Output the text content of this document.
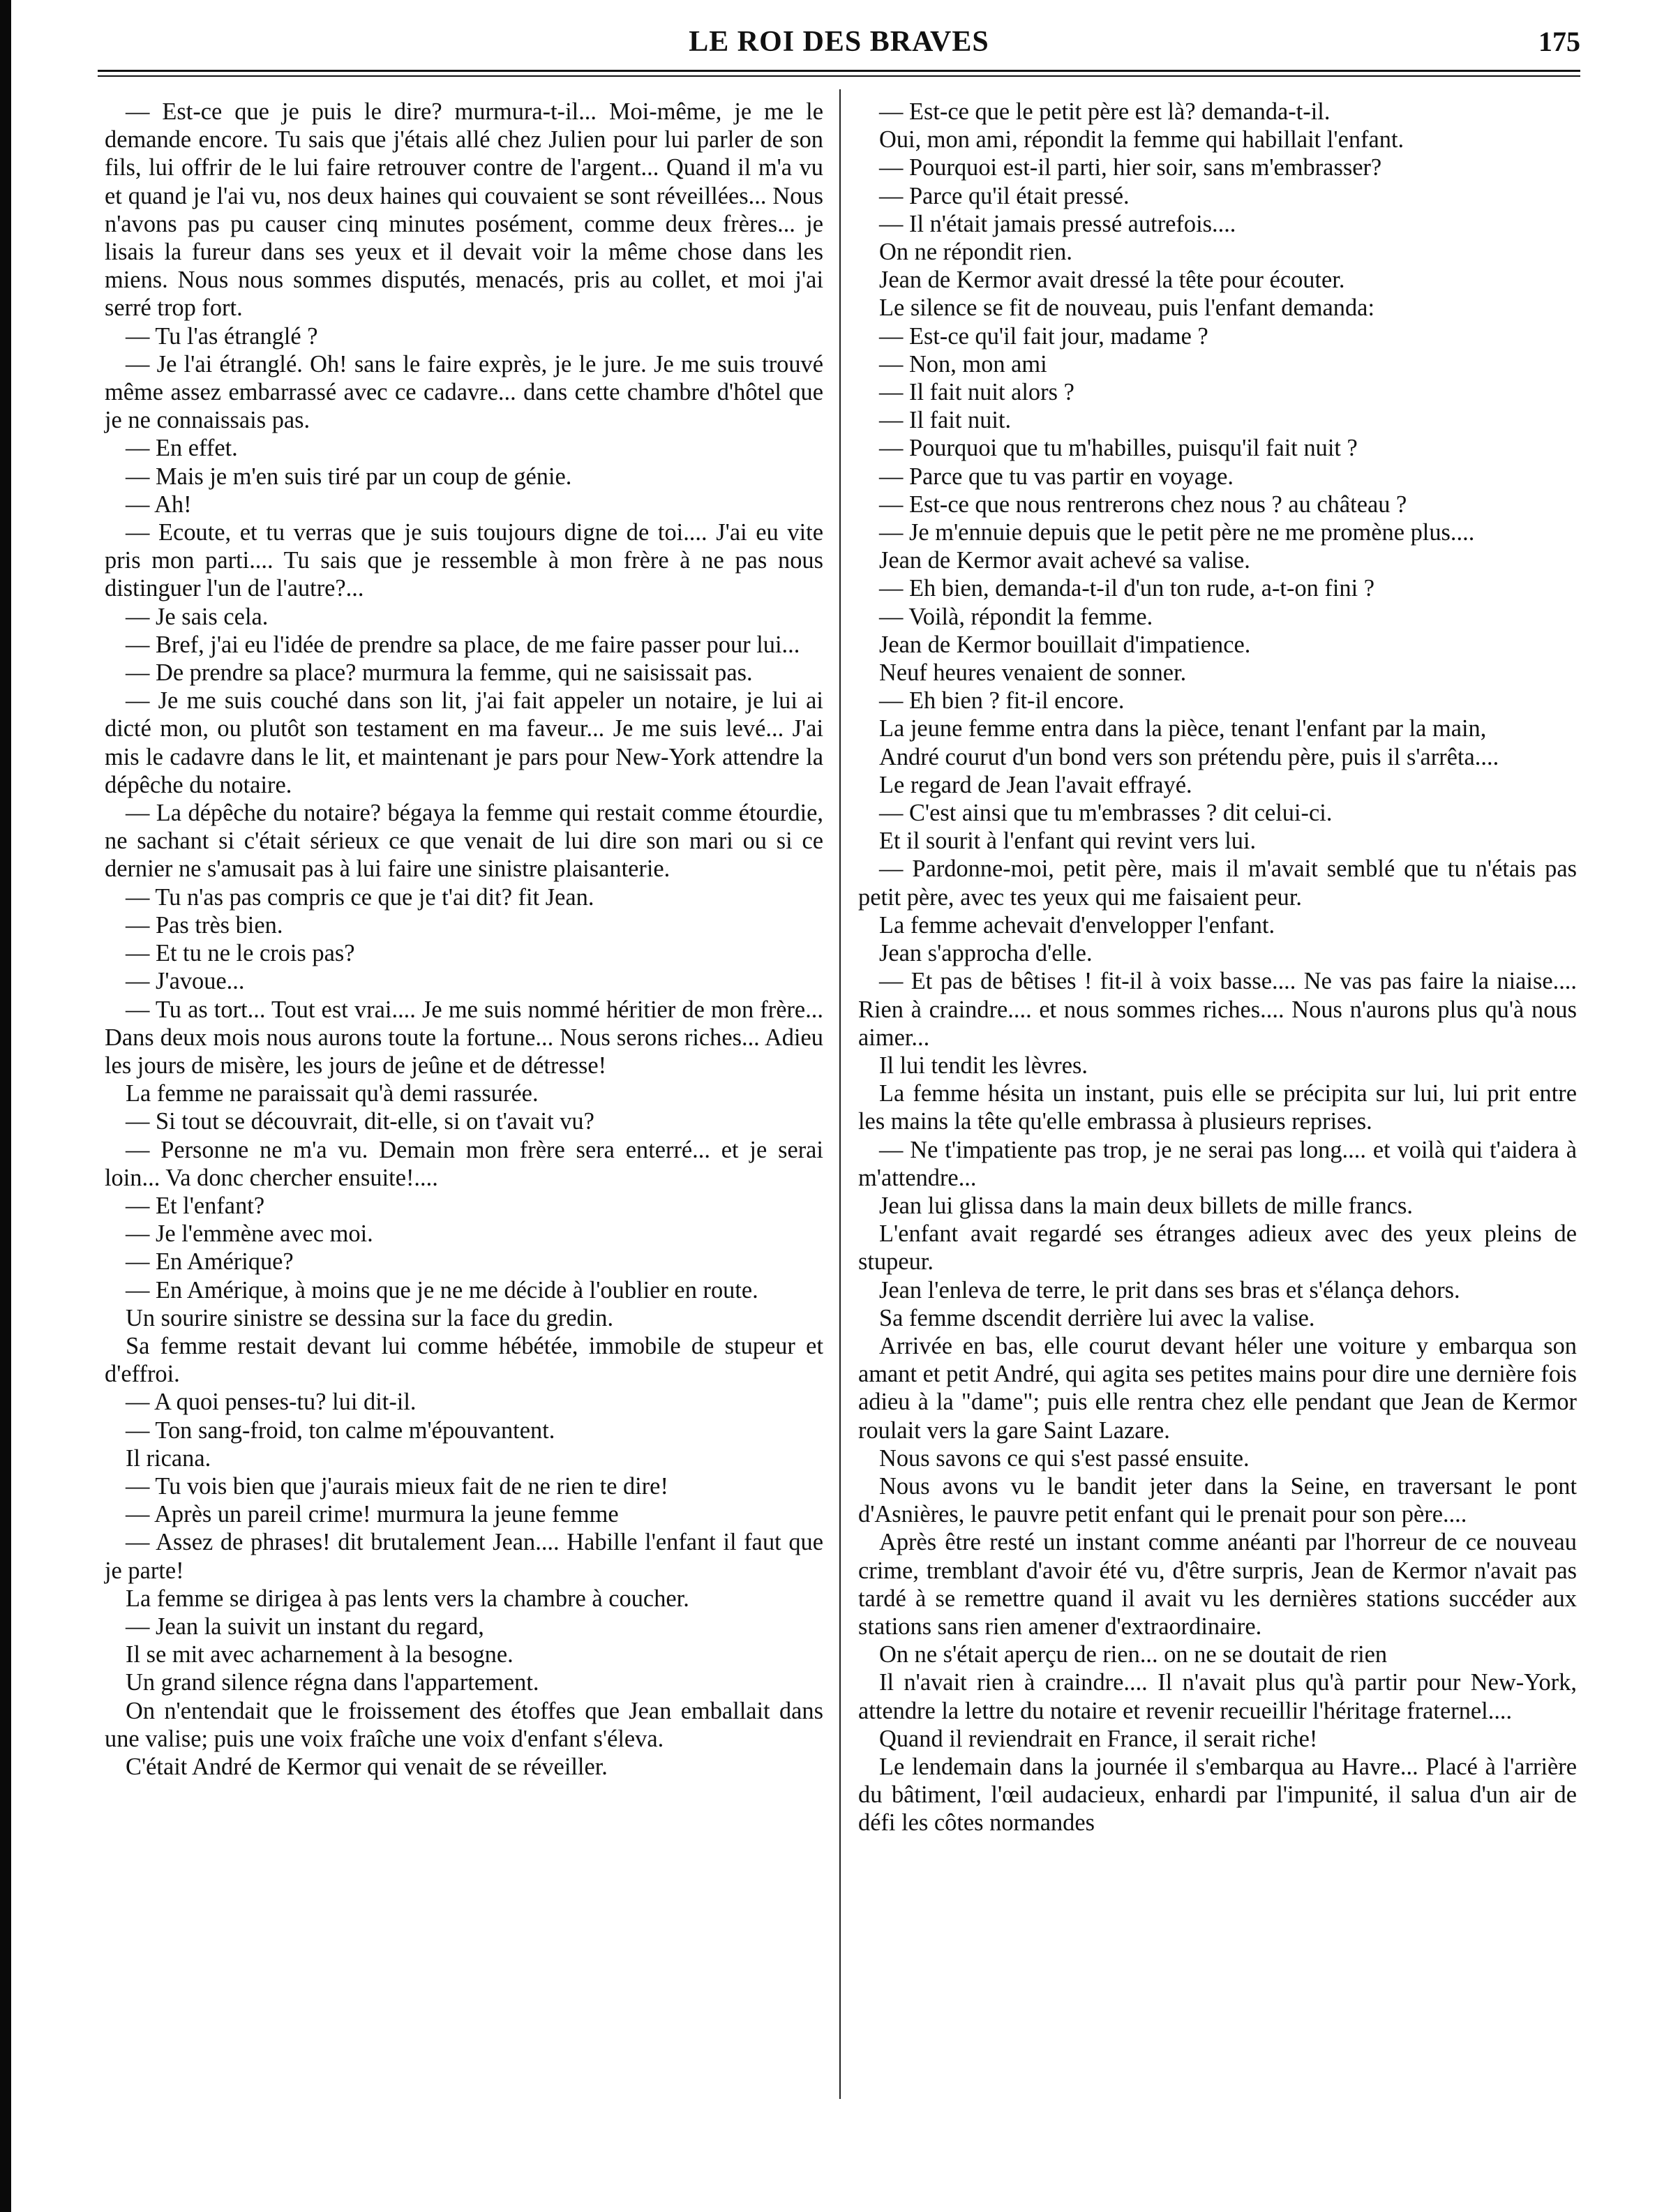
LE ROI DES BRAVES	175

— Est-ce que je puis le dire? murmura-t-il... Moi-même, je me le demande encore. Tu sais que j'étais allé chez Julien pour lui parler de son fils, lui offrir de le lui faire retrouver contre de l'argent... Quand il m'a vu et quand je l'ai vu, nos deux haines qui couvaient se sont réveillées... Nous n'avons pas pu causer cinq minutes posément, comme deux frères... je lisais la fureur dans ses yeux et il devait voir la même chose dans les miens. Nous nous sommes disputés, menacés, pris au collet, et moi j'ai serré trop fort.

— Tu l'as étranglé ?

— Je l'ai étranglé. Oh! sans le faire exprès, je le jure. Je me suis trouvé même assez embarrassé avec ce cadavre... dans cette chambre d'hôtel que je ne connaissais pas.

— En effet.

— Mais je m'en suis tiré par un coup de génie.

— Ah!

— Ecoute, et tu verras que je suis toujours digne de toi.... J'ai eu vite pris mon parti.... Tu sais que je ressemble à mon frère à ne pas nous distinguer l'un de l'autre?...

— Je sais cela.

— Bref, j'ai eu l'idée de prendre sa place, de me faire passer pour lui...

— De prendre sa place? murmura la femme, qui ne saisissait pas.

— Je me suis couché dans son lit, j'ai fait appeler un notaire, je lui ai dicté mon, ou plutôt son testament en ma faveur... Je me suis levé... J'ai mis le cadavre dans le lit, et maintenant je pars pour New-York attendre la dépêche du notaire.

— La dépêche du notaire? bégaya la femme qui restait comme étourdie, ne sachant si c'était sérieux ce que venait de lui dire son mari ou si ce dernier ne s'amusait pas à lui faire une sinistre plaisanterie.

— Tu n'as pas compris ce que je t'ai dit? fit Jean.

— Pas très bien.

— Et tu ne le crois pas?

— J'avoue...

— Tu as tort... Tout est vrai.... Je me suis nommé héritier de mon frère... Dans deux mois nous aurons toute la fortune... Nous serons riches... Adieu les jours de misère, les jours de jeûne et de détresse!

La femme ne paraissait qu'à demi rassurée.

— Si tout se découvrait, dit-elle, si on t'avait vu?

— Personne ne m'a vu. Demain mon frère sera enterré... et je serai loin... Va donc chercher ensuite!....

— Et l'enfant?

— Je l'emmène avec moi.

— En Amérique?

— En Amérique, à moins que je ne me décide à l'oublier en route.

Un sourire sinistre se dessina sur la face du gredin.

Sa femme restait devant lui comme hébétée, immobile de stupeur et d'effroi.

— A quoi penses-tu? lui dit-il.

— Ton sang-froid, ton calme m'épouvantent.

Il ricana.

— Tu vois bien que j'aurais mieux fait de ne rien te dire!

— Après un pareil crime! murmura la jeune femme

— Assez de phrases! dit brutalement Jean.... Habille l'enfant il faut que je parte!

La femme se dirigea à pas lents vers la chambre à coucher.

— Jean la suivit un instant du regard,

Il se mit avec acharnement à la besogne.

Un grand silence régna dans l'appartement.

On n'entendait que le froissement des étoffes que Jean emballait dans une valise; puis une voix fraîche une voix d'enfant s'éleva.

C'était André de Kermor qui venait de se réveiller.

— Est-ce que le petit père est là? demanda-t-il.

Oui, mon ami, répondit la femme qui habillait l'enfant.

— Pourquoi est-il parti, hier soir, sans m'embrasser?

— Parce qu'il était pressé.

— Il n'était jamais pressé autrefois....

On ne répondit rien.

Jean de Kermor avait dressé la tête pour écouter.

Le silence se fit de nouveau, puis l'enfant demanda:

— Est-ce qu'il fait jour, madame ?

— Non, mon ami

— Il fait nuit alors ?

— Il fait nuit.

— Pourquoi que tu m'habilles, puisqu'il fait nuit ?

— Parce que tu vas partir en voyage.

— Est-ce que nous rentrerons chez nous ? au château ?

— Je m'ennuie depuis que le petit père ne me promène plus....

Jean de Kermor avait achevé sa valise.

— Eh bien, demanda-t-il d'un ton rude, a-t-on fini ?

— Voilà, répondit la femme.

Jean de Kermor bouillait d'impatience.

Neuf heures venaient de sonner.

— Eh bien ? fit-il encore.

La jeune femme entra dans la pièce, tenant l'enfant par la main,

André courut d'un bond vers son prétendu père, puis il s'arrêta....

Le regard de Jean l'avait effrayé.

— C'est ainsi que tu m'embrasses ? dit celui-ci.

Et il sourit à l'enfant qui revint vers lui.

— Pardonne-moi, petit père, mais il m'avait semblé que tu n'étais pas petit père, avec tes yeux qui me faisaient peur.

La femme achevait d'envelopper l'enfant.

Jean s'approcha d'elle.

— Et pas de bêtises ! fit-il à voix basse.... Ne vas pas faire la niaise.... Rien à craindre.... et nous sommes riches.... Nous n'aurons plus qu'à nous aimer...

Il lui tendit les lèvres.

La femme hésita un instant, puis elle se précipita sur lui, lui prit entre les mains la tête qu'elle embrassa à plusieurs reprises.

— Ne t'impatiente pas trop, je ne serai pas long.... et voilà qui t'aidera à m'attendre...

Jean lui glissa dans la main deux billets de mille francs.

L'enfant avait regardé ses étranges adieux avec des yeux pleins de stupeur.

Jean l'enleva de terre, le prit dans ses bras et s'élança dehors.

Sa femme dscendit derrière lui avec la valise.

Arrivée en bas, elle courut devant héler une voiture y embarqua son amant et petit André, qui agita ses petites mains pour dire une dernière fois adieu à la "dame"; puis elle rentra chez elle pendant que Jean de Kermor roulait vers la gare Saint Lazare.

Nous savons ce qui s'est passé ensuite.

Nous avons vu le bandit jeter dans la Seine, en traversant le pont d'Asnières, le pauvre petit enfant qui le prenait pour son père....

Après être resté un instant comme anéanti par l'horreur de ce nouveau crime, tremblant d'avoir été vu, d'être surpris, Jean de Kermor n'avait pas tardé à se remettre quand il avait vu les dernières stations succéder aux stations sans rien amener d'extraordinaire.

On ne s'était aperçu de rien... on ne se doutait de rien

Il n'avait rien à craindre.... Il n'avait plus qu'à partir pour New-York, attendre la lettre du notaire et revenir recueillir l'héritage fraternel....

Quand il reviendrait en France, il serait riche!

Le lendemain dans la journée il s'embarqua au Havre... Placé à l'arrière du bâtiment, l'œil audacieux, enhardi par l'impunité, il salua d'un air de défi les côtes normandes
